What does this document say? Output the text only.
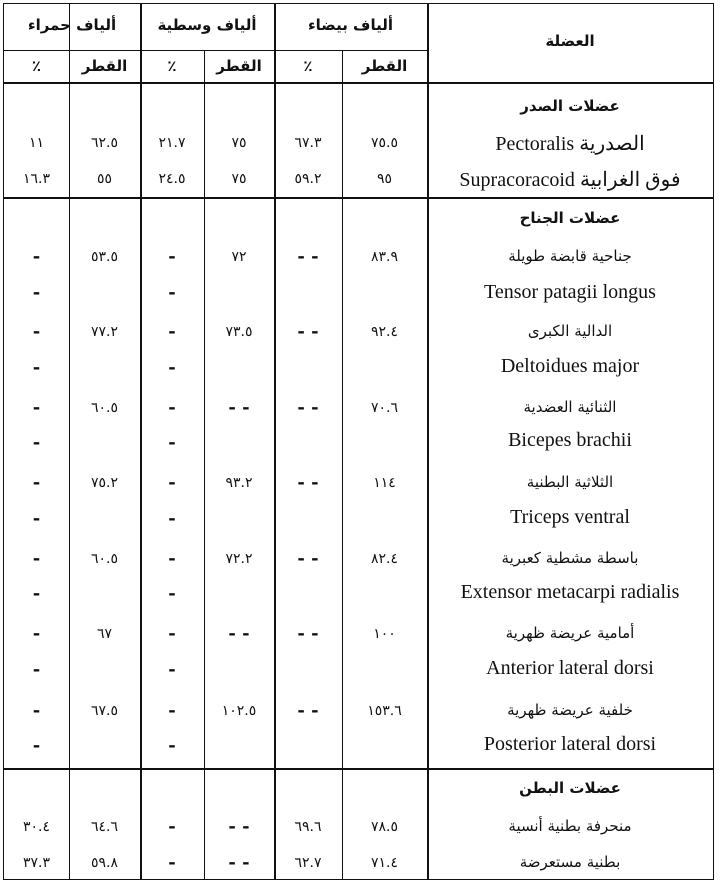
العضلة
ألياف بيضاء
ألياف وسطية
ألياف حمراء
القطر
٪
القطر
٪
القطر
٪
عضلات الصدر
Pectoralis الصدرية
٧٥.٥
٦٧.٣
٧٥
٢١.٧
٦٢.٥
١١
Supracoracoid فوق الغرابية
٩٥
٥٩.٢
٧٥
٢٤.٥
٥٥
١٦.٣
عضلات الجناح
جناحية قابضة طويلة
Tensor patagii longus
٨٣.٩
- -
٧٢
-
-
٥٣.٥
-
-
الدالية الكبرى
Deltoidues major
٩٢.٤
- -
٧٣.٥
-
-
٧٧.٢
-
-
الثنائية العضدية
Bicepes brachii
٧٠.٦
- -
- -
-
-
٦٠.٥
-
-
الثلاثية البطنية
Triceps ventral
١١٤
- -
٩٣.٢
-
-
٧٥.٢
-
-
باسطة مشطية كعبرية
Extensor metacarpi radialis
٨٢.٤
- -
٧٢.٢
-
-
٦٠.٥
-
-
أمامية عريضة ظهرية
Anterior lateral dorsi
١٠٠
- -
- -
-
-
٦٧
-
-
خلفية عريضة ظهرية
Posterior lateral dorsi
١٥٣.٦
- -
١٠٢.٥
-
-
٦٧.٥
-
-
عضلات البطن
منحرفة بطنية أنسية
٧٨.٥
٦٩.٦
- -
-
٦٤.٦
٣٠.٤
بطنية مستعرضة
٧١.٤
٦٢.٧
- -
-
٥٩.٨
٣٧.٣
